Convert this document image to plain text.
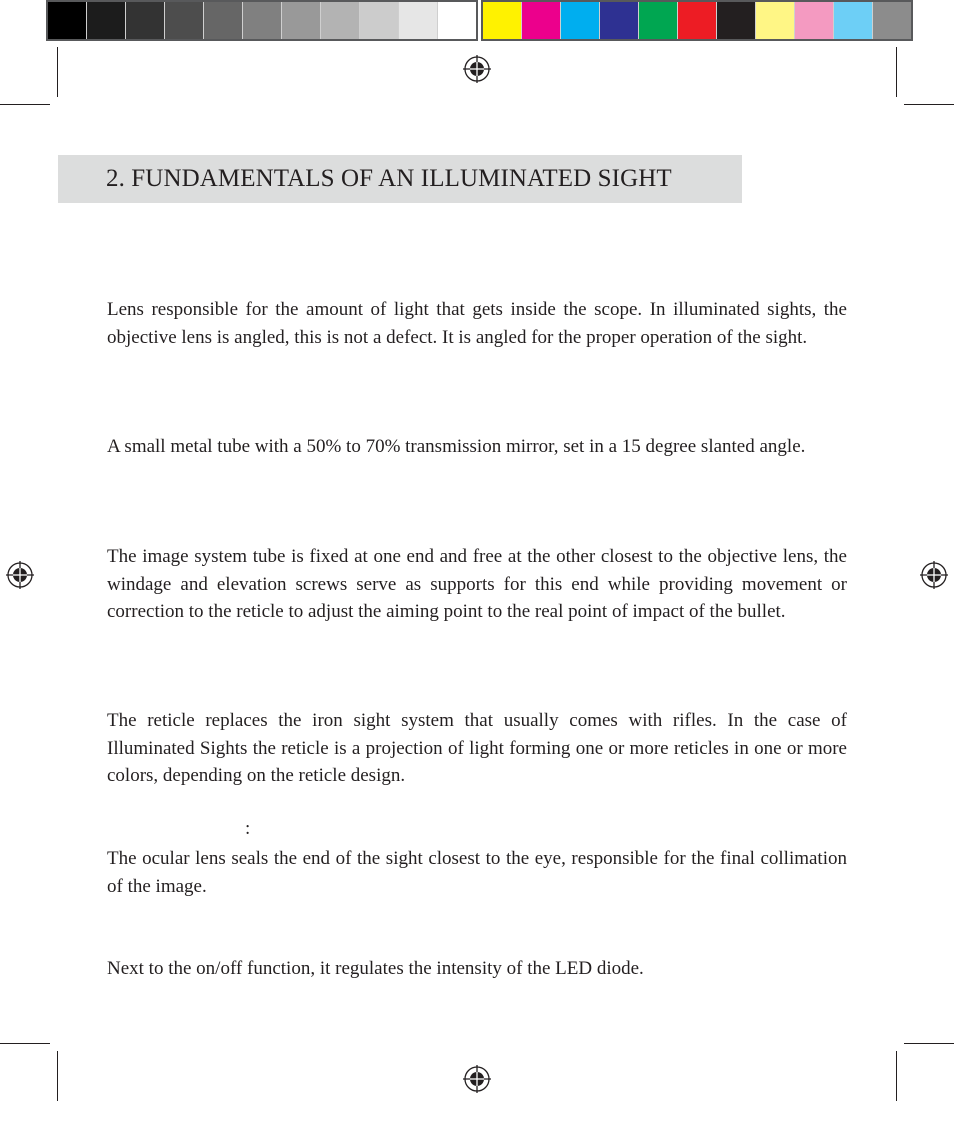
2. FUNDAMENTALS OF AN ILLUMINATED SIGHT

Lens responsible for the amount of light that gets inside the scope. In illuminated sights, the objective lens is angled, this is not a defect. It is angled for the proper operation of the sight.

A small metal tube with a 50% to 70% transmission mirror, set in a 15 degree slanted angle.

The image system tube is fixed at one end and free at the other closest to the objective lens, the windage and elevation screws serve as supports for this end while providing movement or correction to the reticle to adjust the aiming point to the real point of impact of the bullet.

The reticle replaces the iron sight system that usually comes with rifles. In the case of Illuminated Sights the reticle is a projection of light forming one or more reticles in one or more colors, depending on the reticle design.

:

The ocular lens seals the end of the sight closest to the eye, responsible for the final collimation of the image.

Next to the on/off function, it regulates the intensity of the LED diode.
